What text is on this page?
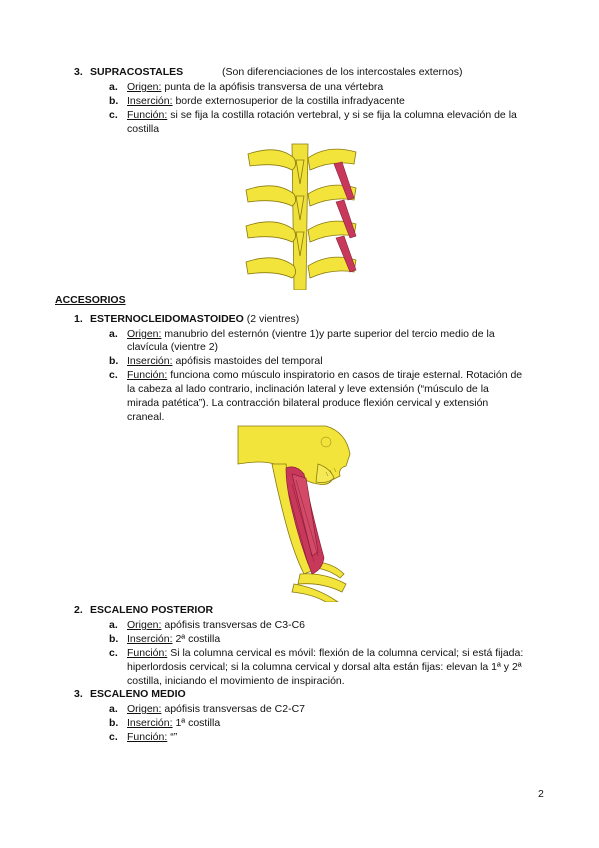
3. SUPRACOSTALES	(Son diferenciaciones de los intercostales externos)
a. Origen: punta de la apófisis transversa de una vértebra
b. Inserción: borde externosuperior de la costilla infradyacente
c. Función: si se fija la costilla rotación vertebral, y si se fija la columna elevación de la
costilla
ACCESORIOS
1. ESTERNOCLEIDOMASTOIDEO (2 vientres)
a. Origen: manubrio del esternón (vientre 1)y parte superior del tercio medio de la
clavícula (vientre 2)
b. Inserción: apófisis mastoides del temporal
c. Función: funciona como músculo inspiratorio en casos de tiraje esternal. Rotación de
la cabeza al lado contrario, inclinación lateral y leve extensión (“músculo de la
mirada patética”). La contracción bilateral produce flexión cervical y extensión
craneal.
2. ESCALENO POSTERIOR
a. Origen: apófisis transversas de C3-C6
b. Inserción: 2ª costilla
c. Función: Si la columna cervical es móvil: flexión de la columna cervical; si está fijada:
hiperlordosis cervical; si la columna cervical y dorsal alta están fijas: elevan la 1ª y 2ª
costilla, iniciando el movimiento de inspiración.
3. ESCALENO MEDIO
a. Origen: apófisis transversas de C2-C7
b. Inserción: 1ª costilla
c. Función: “”
2
